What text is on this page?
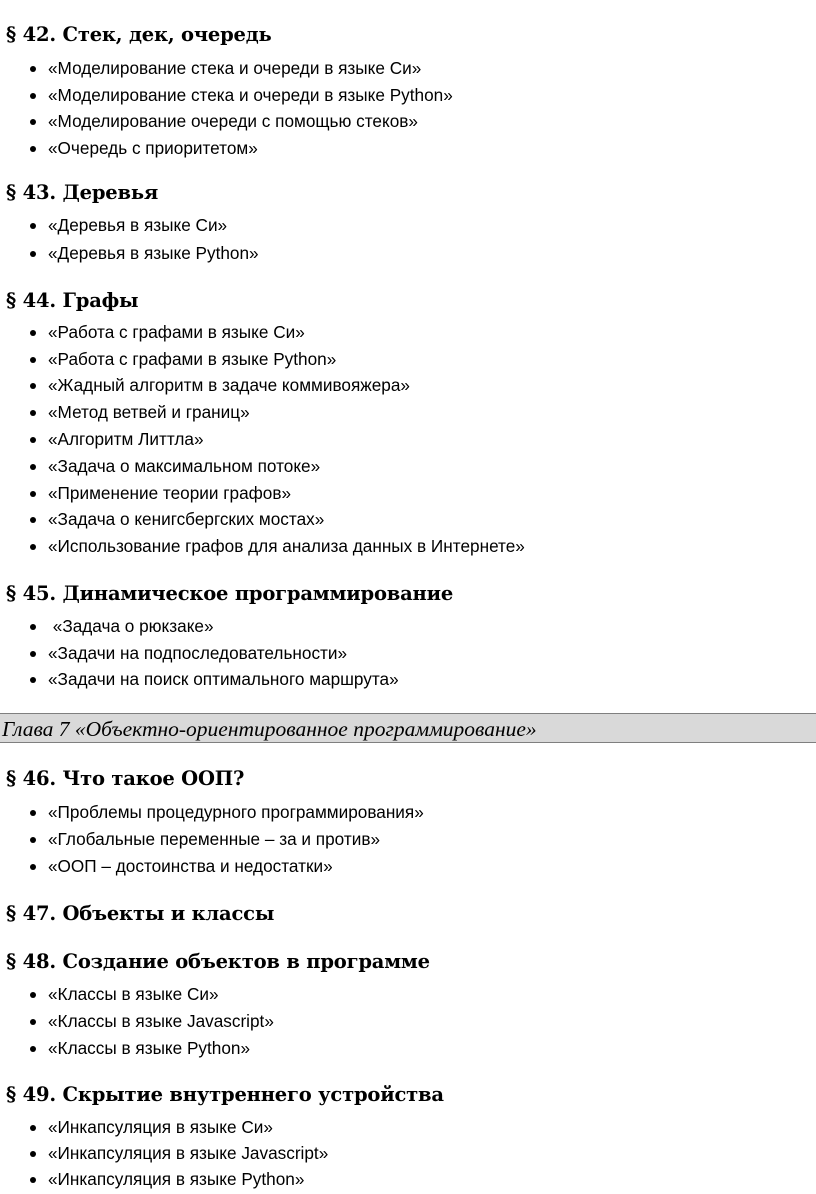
§ 42. Стек, дек, очередь
«Моделирование стека и очереди в языке Си»
«Моделирование стека и очереди в языке Python»
«Моделирование очереди с помощью стеков»
«Очередь с приоритетом»
§ 43. Деревья
«Деревья в языке Си»
«Деревья в языке Python»
§ 44. Графы
«Работа с графами в языке Си»
«Работа с графами в языке Python»
«Жадный алгоритм в задаче коммивояжера»
«Метод ветвей и границ»
«Алгоритм Литтла»
«Задача о максимальном потоке»
«Применение теории графов»
«Задача о кенигсбергских мостах»
«Использование графов для анализа данных в Интернете»
§ 45. Динамическое программирование
«Задача о рюкзаке»
«Задачи на подпоследовательности»
«Задачи на поиск оптимального маршрута»
Глава 7 «Объектно-ориентированное программирование»
§ 46. Что такое ООП?
«Проблемы процедурного программирования»
«Глобальные переменные – за и против»
«ООП – достоинства и недостатки»
§ 47. Объекты и классы
§ 48. Создание объектов в программе
«Классы в языке Си»
«Классы в языке Javascript»
«Классы в языке Python»
§ 49. Скрытие внутреннего устройства
«Инкапсуляция в языке Си»
«Инкапсуляция в языке Javascript»
«Инкапсуляция в языке Python»
